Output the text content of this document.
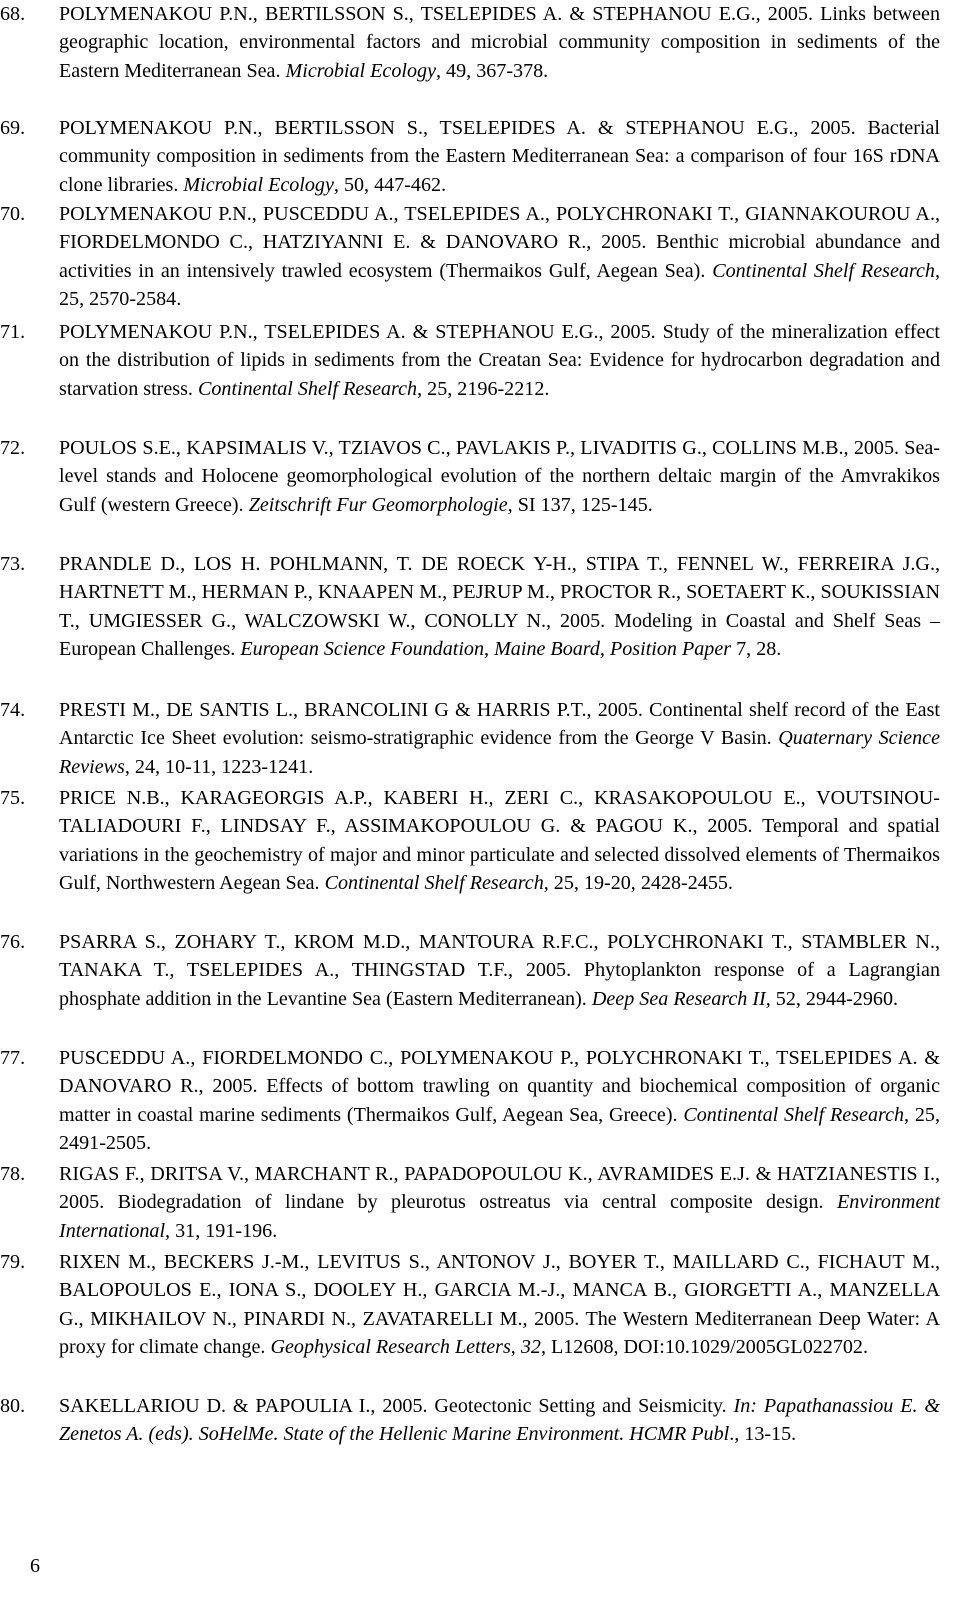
68. POLYMENAKOU P.N., BERTILSSON S., TSELEPIDES A. & STEPHANOU E.G., 2005. Links between geographic location, environmental factors and microbial community composition in sediments of the Eastern Mediterranean Sea. Microbial Ecology, 49, 367-378.
69. POLYMENAKOU P.N., BERTILSSON S., TSELEPIDES A. & STEPHANOU E.G., 2005. Bacterial community composition in sediments from the Eastern Mediterranean Sea: a comparison of four 16S rDNA clone libraries. Microbial Ecology, 50, 447-462.
70. POLYMENAKOU P.N., PUSCEDDU A., TSELEPIDES A., POLYCHRONAKI T., GIANNAKOUROU A., FIORDELMONDO C., HATZIYANNI E. & DANOVARO R., 2005. Benthic microbial abundance and activities in an intensively trawled ecosystem (Thermaikos Gulf, Aegean Sea). Continental Shelf Research, 25, 2570-2584.
71. POLYMENAKOU P.N., TSELEPIDES A. & STEPHANOU E.G., 2005. Study of the mineralization effect on the distribution of lipids in sediments from the Creatan Sea: Evidence for hydrocarbon degradation and starvation stress. Continental Shelf Research, 25, 2196-2212.
72. POULOS S.E., KAPSIMALIS V., TZIAVOS C., PAVLAKIS P., LIVADITIS G., COLLINS M.B., 2005. Sea-level stands and Holocene geomorphological evolution of the northern deltaic margin of the Amvrakikos Gulf (western Greece). Zeitschrift Fur Geomorphologie, SI 137, 125-145.
73. PRANDLE D., LOS H. POHLMANN, T. DE ROECK Y-H., STIPA T., FENNEL W., FERREIRA J.G., HARTNETT M., HERMAN P., KNAAPEN M., PEJRUP M., PROCTOR R., SOETAERT K., SOUKISSIAN T., UMGIESSER G., WALCZOWSKI W., CONOLLY N., 2005. Modeling in Coastal and Shelf Seas – European Challenges. European Science Foundation, Maine Board, Position Paper 7, 28.
74. PRESTI M., DE SANTIS L., BRANCOLINI G & HARRIS P.T., 2005. Continental shelf record of the East Antarctic Ice Sheet evolution: seismo-stratigraphic evidence from the George V Basin. Quaternary Science Reviews, 24, 10-11, 1223-1241.
75. PRICE N.B., KARAGEORGIS A.P., KABERI H., ZERI C., KRASAKOPOULOU E., VOUTSINOU-TALIADOURI F., LINDSAY F., ASSIMAKOPOULOU G. & PAGOU K., 2005. Temporal and spatial variations in the geochemistry of major and minor particulate and selected dissolved elements of Thermaikos Gulf, Northwestern Aegean Sea. Continental Shelf Research, 25, 19-20, 2428-2455.
76. PSARRA S., ZOHARY T., KROM M.D., MANTOURA R.F.C., POLYCHRONAKI T., STAMBLER N., TANAKA T., TSELEPIDES A., THINGSTAD T.F., 2005. Phytoplankton response of a Lagrangian phosphate addition in the Levantine Sea (Eastern Mediterranean). Deep Sea Research II, 52, 2944-2960.
77. PUSCEDDU A., FIORDELMONDO C., POLYMENAKOU P., POLYCHRONAKI T., TSELEPIDES A. & DANOVARO R., 2005. Effects of bottom trawling on quantity and biochemical composition of organic matter in coastal marine sediments (Thermaikos Gulf, Aegean Sea, Greece). Continental Shelf Research, 25, 2491-2505.
78. RIGAS F., DRITSA V., MARCHANT R., PAPADOPOULOU K., AVRAMIDES E.J. & HATZIANESTIS I., 2005. Biodegradation of lindane by pleurotus ostreatus via central composite design. Environment International, 31, 191-196.
79. RIXEN M., BECKERS J.-M., LEVITUS S., ANTONOV J., BOYER T., MAILLARD C., FICHAUT M., BALOPOULOS E., IONA S., DOOLEY H., GARCIA M.-J., MANCA B., GIORGETTI A., MANZELLA G., MIKHAILOV N., PINARDI N., ZAVATARELLI M., 2005. The Western Mediterranean Deep Water: A proxy for climate change. Geophysical Research Letters, 32, L12608, DOI:10.1029/2005GL022702.
80. SAKELLARIOU D. & PAPOULIA I., 2005. Geotectonic Setting and Seismicity. In: Papathanassiou E. & Zenetos A. (eds). SoHelMe. State of the Hellenic Marine Environment. HCMR Publ., 13-15.
6
